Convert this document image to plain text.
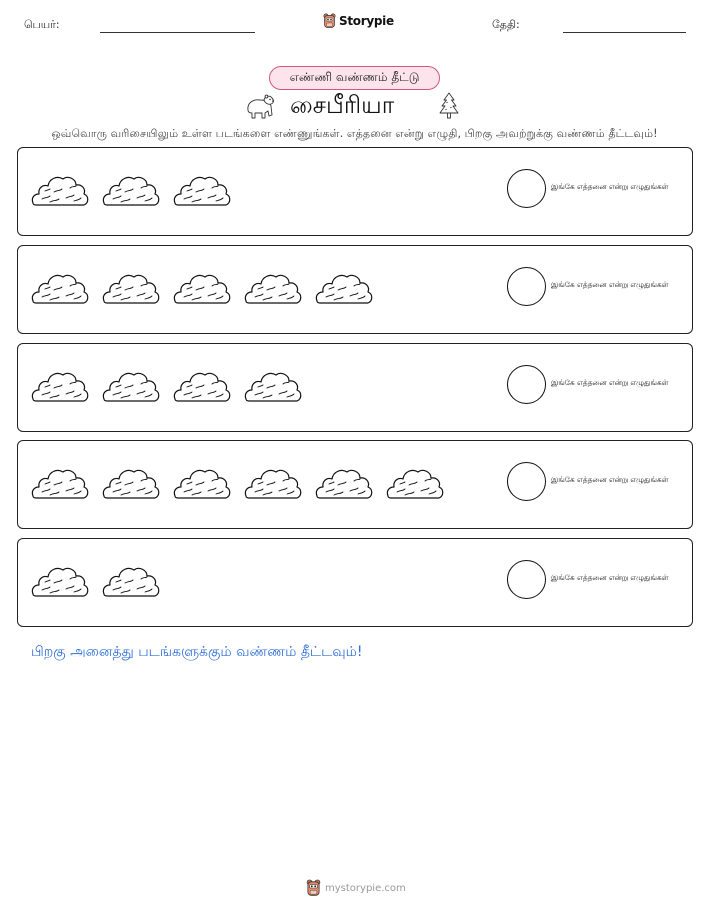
பெயர்:	Storypie	தேதி:
எண்ணி வண்ணம் தீட்டு
சைபீரியா
ஒவ்வொரு வரிசையிலும் உள்ள படங்களை எண்ணுங்கள். எத்தனை என்று எழுதி, பிறகு அவற்றுக்கு வண்ணம் தீட்டவும்!
இங்கே எத்தனை என்று எழுதுங்கள்
இங்கே எத்தனை என்று எழுதுங்கள்
இங்கே எத்தனை என்று எழுதுங்கள்
இங்கே எத்தனை என்று எழுதுங்கள்
இங்கே எத்தனை என்று எழுதுங்கள்
பிறகு அனைத்து படங்களுக்கும் வண்ணம் தீட்டவும்!
mystorypie.com
